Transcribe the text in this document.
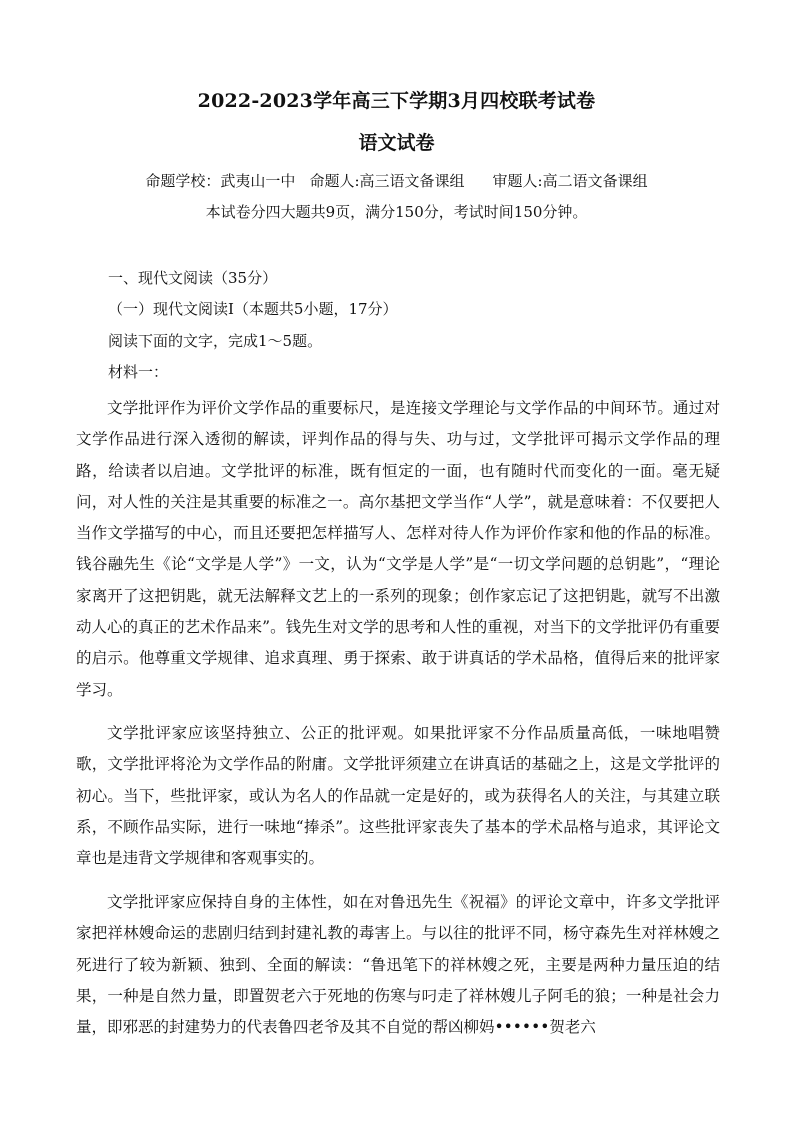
2022-2023学年高三下学期3月四校联考试卷
语文试卷
命题学校：武夷山一中 命题人:高三语文备课组 审题人:高二语文备课组
本试卷分四大题共9页，满分150分，考试时间150分钟。
一、现代文阅读（35分）
（一）现代文阅读Ⅰ（本题共5小题，17分）
阅读下面的文字，完成1～5题。
材料一：

文学批评作为评价文学作品的重要标尺，是连接文学理论与文学作品的中间环节。通过对文学作品进行深入透彻的解读，评判作品的得与失、功与过，文学批评可揭示文学作品的理路，给读者以启迪。文学批评的标准，既有恒定的一面，也有随时代而变化的一面。毫无疑问，对人性的关注是其重要的标准之一。高尔基把文学当作“人学”，就是意味着：不仅要把人当作文学描写的中心，而且还要把怎样描写人、怎样对待人作为评价作家和他的作品的标准。钱谷融先生《论“文学是人学”》一文，认为“文学是人学”是“一切文学问题的总钥匙”，“理论家离开了这把钥匙，就无法解释文艺上的一系列的现象；创作家忘记了这把钥匙，就写不出激动人心的真正的艺术作品来”。钱先生对文学的思考和人性的重视，对当下的文学批评仍有重要的启示。他尊重文学规律、追求真理、勇于探索、敢于讲真话的学术品格，值得后来的批评家学习。

文学批评家应该坚持独立、公正的批评观。如果批评家不分作品质量高低，一味地唱赞歌，文学批评将沦为文学作品的附庸。文学批评须建立在讲真话的基础之上，这是文学批评的初心。当下，些批评家，或认为名人的作品就一定是好的，或为获得名人的关注，与其建立联系，不顾作品实际，进行一味地“捧杀”。这些批评家丧失了基本的学术品格与追求，其评论文章也是违背文学规律和客观事实的。

文学批评家应保持自身的主体性，如在对鲁迅先生《祝福》的评论文章中，许多文学批评家把祥林嫂命运的悲剧归结到封建礼教的毒害上。与以往的批评不同，杨守森先生对祥林嫂之死进行了较为新颖、独到、全面的解读：“鲁迅笔下的祥林嫂之死，主要是两种力量压迫的结果，一种是自然力量，即置贺老六于死地的伤寒与叼走了祥林嫂儿子阿毛的狼；一种是社会力量，即邪恶的封建势力的代表鲁四老爷及其不自觉的帮凶柳妈••••••贺老六
